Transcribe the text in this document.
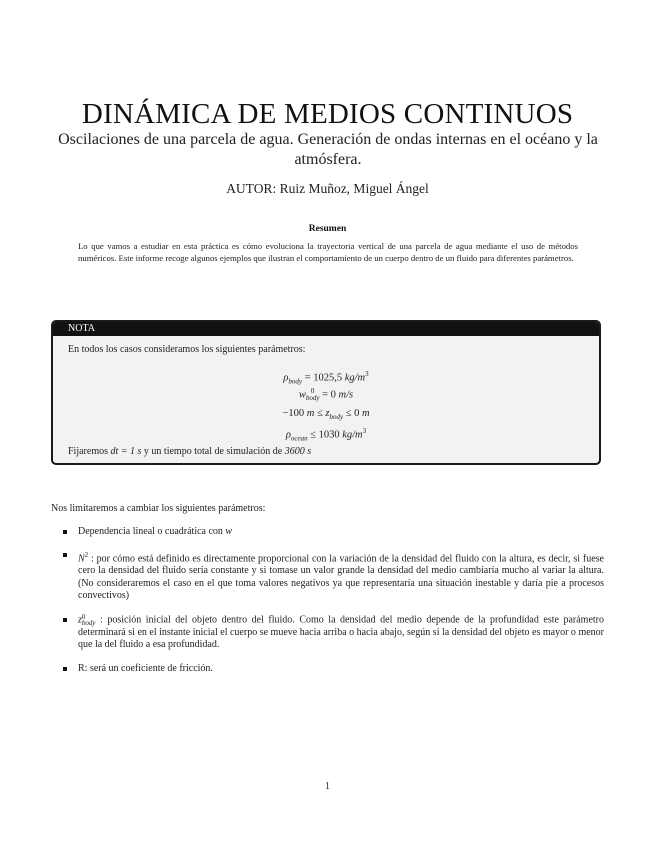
DINÁMICA DE MEDIOS CONTINUOS
Oscilaciones de una parcela de agua. Generación de ondas internas en el océano y la atmósfera.
AUTOR: Ruiz Muñoz, Miguel Ángel
Resumen
Lo que vamos a estudiar en esta práctica es cómo evoluciona la trayectoria vertical de una parcela de agua mediante el uso de métodos numéricos. Este informe recoge algunos ejemplos que ilustran el comportamiento de un cuerpo dentro de un fluido para diferentes parámetros.
NOTA
En todos los casos consideramos los siguientes parámetros:
$\rho_{body} = 1025,5$ $kg/m^3$
w 0
body = 0 m/s
−100 $m \le z_{body} \le 0$ m
$\rho_{ocean} \le 1030$ $kg/m^3$
Fijaremos dt = 1 s y un tiempo total de simulación de 3600 s
Nos limitaremos a cambiar los siguientes parámetros:
Dependencia lineal o cuadrática con w
$N^2$ : por cómo está definido es directamente proporcional con la variación de la densidad del fluido con la altura, es decir, si fuese cero la densidad del fluido sería constante y si tomase un valor grande la densidad del medio cambiaría mucho al variar la altura. (No consideraremos el caso en el que toma valores negativos ya que representaría una situación inestable y daría pie a procesos convectivos)
z 0
body : posición inicial del objeto dentro del fluido. Como la densidad del medio depende de la profundidad este parámetro determinará si en el instante inicial el cuerpo se mueve hacia arriba o hacia abajo, según si la densidad del objeto es mayor o menor que la del fluido a esa profundidad.
R: será un coeficiente de fricción.
1
